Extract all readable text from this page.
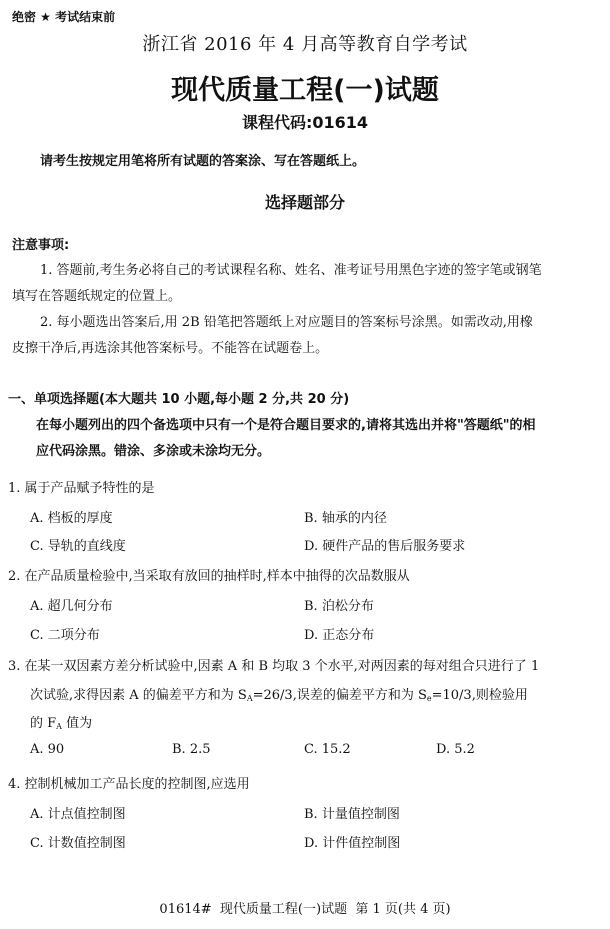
绝密 ★ 考试结束前
浙江省 2016 年 4 月高等教育自学考试
现代质量工程(一)试题
课程代码:01614
请考生按规定用笔将所有试题的答案涂、写在答题纸上。
选择题部分
注意事项:
1. 答题前,考生务必将自己的考试课程名称、姓名、准考证号用黑色字迹的签字笔或钢笔
填写在答题纸规定的位置上。
2. 每小题选出答案后,用 2B 铅笔把答题纸上对应题目的答案标号涂黑。如需改动,用橡
皮擦干净后,再选涂其他答案标号。不能答在试题卷上。
一、单项选择题(本大题共 10 小题,每小题 2 分,共 20 分)
在每小题列出的四个备选项中只有一个是符合题目要求的,请将其选出并将"答题纸"的相
应代码涂黑。错涂、多涂或未涂均无分。
1. 属于产品赋予特性的是
A. 档板的厚度	B. 轴承的内径
C. 导轨的直线度	D. 硬件产品的售后服务要求
2. 在产品质量检验中,当采取有放回的抽样时,样本中抽得的次品数服从
A. 超几何分布	B. 泊松分布
C. 二项分布	D. 正态分布
3. 在某一双因素方差分析试验中,因素 A 和 B 均取 3 个水平,对两因素的每对组合只进行了 1
次试验,求得因素 A 的偏差平方和为 $S_A=26/3$,误差的偏差平方和为 $S_e=10/3$,则检验用
的 $F_A$ 值为
A. 90	B. 2.5	C. 15.2	D. 5.2
4. 控制机械加工产品长度的控制图,应选用
A. 计点值控制图	B. 计量值控制图
C. 计数值控制图	D. 计件值控制图
01614#  现代质量工程(一)试题  第 1 页(共 4 页)
